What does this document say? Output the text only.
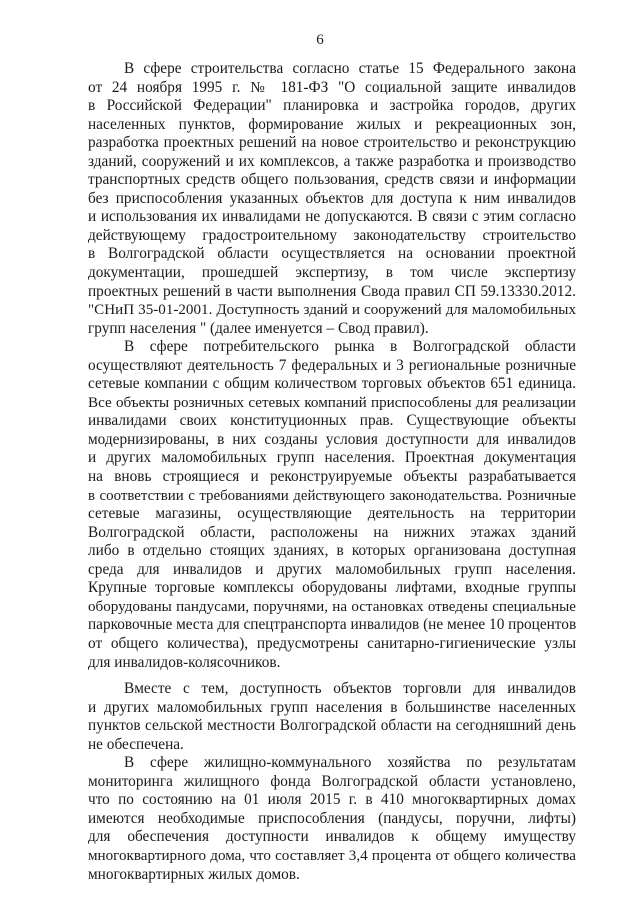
6
В сфере строительства согласно статье 15 Федерального закона
от 24 ноября 1995 г. № 181-ФЗ "О социальной защите инвалидов
в Российской Федерации" планировка и застройка городов, других
населенных пунктов, формирование жилых и рекреационных зон,
разработка проектных решений на новое строительство и реконструкцию
зданий, сооружений и их комплексов, а также разработка и производство
транспортных средств общего пользования, средств связи и информации
без приспособления указанных объектов для доступа к ним инвалидов
и использования их инвалидами не допускаются. В связи с этим согласно
действующему градостроительному законодательству строительство
в Волгоградской области осуществляется на основании проектной
документации, прошедшей экспертизу, в том числе экспертизу
проектных решений в части выполнения Свода правил СП 59.13330.2012.
"СНиП 35-01-2001. Доступность зданий и сооружений для маломобильных
групп населения " (далее именуется – Свод правил).
В сфере потребительского рынка в Волгоградской области
осуществляют деятельность 7 федеральных и 3 региональные розничные
сетевые компании с общим количеством торговых объектов 651 единица.
Все объекты розничных сетевых компаний приспособлены для реализации
инвалидами своих конституционных прав. Существующие объекты
модернизированы, в них созданы условия доступности для инвалидов
и других маломобильных групп населения. Проектная документация
на вновь строящиеся и реконструируемые объекты разрабатывается
в соответствии с требованиями действующего законодательства. Розничные
сетевые магазины, осуществляющие деятельность на территории
Волгоградской области, расположены на нижних этажах зданий
либо в отдельно стоящих зданиях, в которых организована доступная
среда для инвалидов и других маломобильных групп населения.
Крупные торговые комплексы оборудованы лифтами, входные группы
оборудованы пандусами, поручнями, на остановках отведены специальные
парковочные места для спецтранспорта инвалидов (не менее 10 процентов
от общего количества), предусмотрены санитарно-гигиенические узлы
для инвалидов-колясочников.
Вместе с тем, доступность объектов торговли для инвалидов
и других маломобильных групп населения в большинстве населенных
пунктов сельской местности Волгоградской области на сегодняшний день
не обеспечена.
В сфере жилищно-коммунального хозяйства по результатам
мониторинга жилищного фонда Волгоградской области установлено,
что по состоянию на 01 июля 2015 г. в 410 многоквартирных домах
имеются необходимые приспособления (пандусы, поручни, лифты)
для обеспечения доступности инвалидов к общему имуществу
многоквартирного дома, что составляет 3,4 процента от общего количества
многоквартирных жилых домов.
